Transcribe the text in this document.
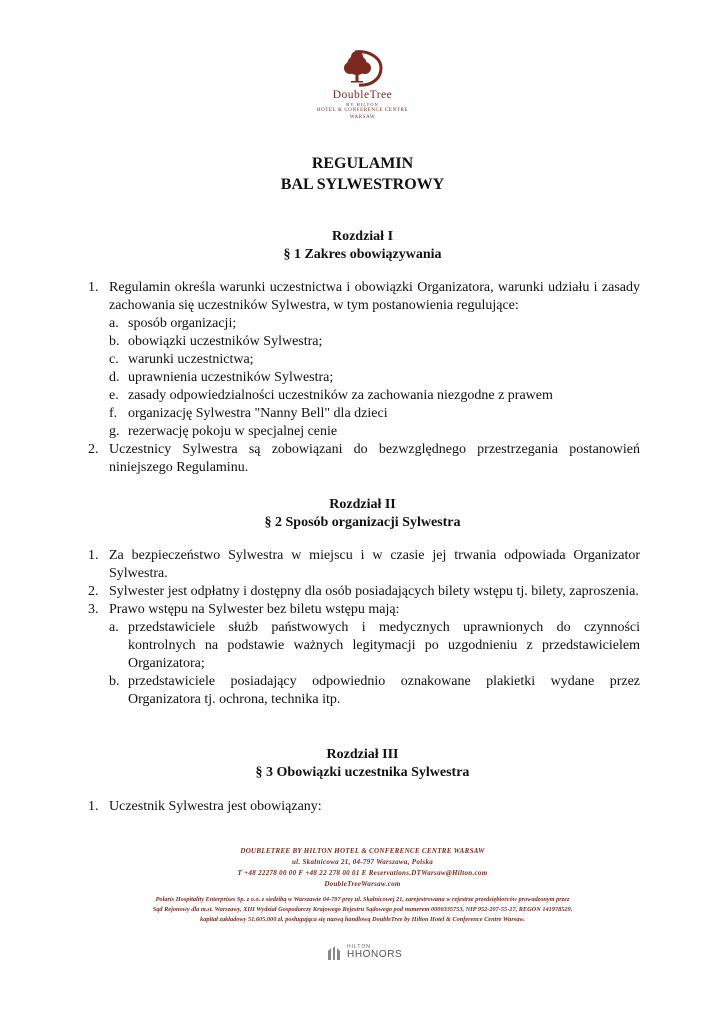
DoubleTree
BY HILTON
HOTEL & CONFERENCE CENTRE
WARSAW
REGULAMIN
BAL SYLWESTROWY
Rozdział I
§ 1 Zakres obowiązywania
1. Regulamin określa warunki uczestnictwa i obowiązki Organizatora, warunki udziału i zasady zachowania się uczestników Sylwestra, w tym postanowienia regulujące:
a. sposób organizacji;
b. obowiązki uczestników Sylwestra;
c. warunki uczestnictwa;
d. uprawnienia uczestników Sylwestra;
e. zasady odpowiedzialności uczestników za zachowania niezgodne z prawem
f. organizację Sylwestra "Nanny Bell" dla dzieci
g. rezerwację pokoju w specjalnej cenie
2. Uczestnicy Sylwestra są zobowiązani do bezwzględnego przestrzegania postanowień niniejszego Regulaminu.
Rozdział II
§ 2 Sposób organizacji Sylwestra
1. Za bezpieczeństwo Sylwestra w miejscu i w czasie jej trwania odpowiada Organizator Sylwestra.
2. Sylwester jest odpłatny i dostępny dla osób posiadających bilety wstępu tj. bilety, zaproszenia.
3. Prawo wstępu na Sylwester bez biletu wstępu mają:
a. przedstawiciele służb państwowych i medycznych uprawnionych do czynności kontrolnych na podstawie ważnych legitymacji po uzgodnieniu z przedstawicielem Organizatora;
b. przedstawiciele posiadający odpowiednio oznakowane plakietki wydane przez Organizatora tj. ochrona, technika itp.
Rozdział III
§ 3 Obowiązki uczestnika Sylwestra
1. Uczestnik Sylwestra jest obowiązany:
DOUBLETREE BY HILTON HOTEL & CONFERENCE CENTRE WARSAW
ul. Skalnicowa 21, 04-797 Warszawa, Polska
T +48 22278 00 00 F +48 22 278 00 01 E Reservations.DTWarsaw@Hilton.com
DoubleTreeWarsaw.com
Polaris Hospitality Enterprises Sp. z o.o. z siedzibą w Warszawie 04-797 przy ul. Skalnicowej 21, zarejestrowana w rejestrze przedsiębiorców prowadzonym przez
Sąd Rejonowy dla m.st. Warszawy, XIII Wydział Gospodarczy Krajowego Rejestru Sądowego pod numerem 0000335753, NIP 952-207-55-27, REGON 141978529,
kapitał zakładowy 51.605.000 zł, posługująca się nazwą handlową DoubleTree by Hilton Hotel & Conference Centre Warsaw.
HILTON
HHONORS
